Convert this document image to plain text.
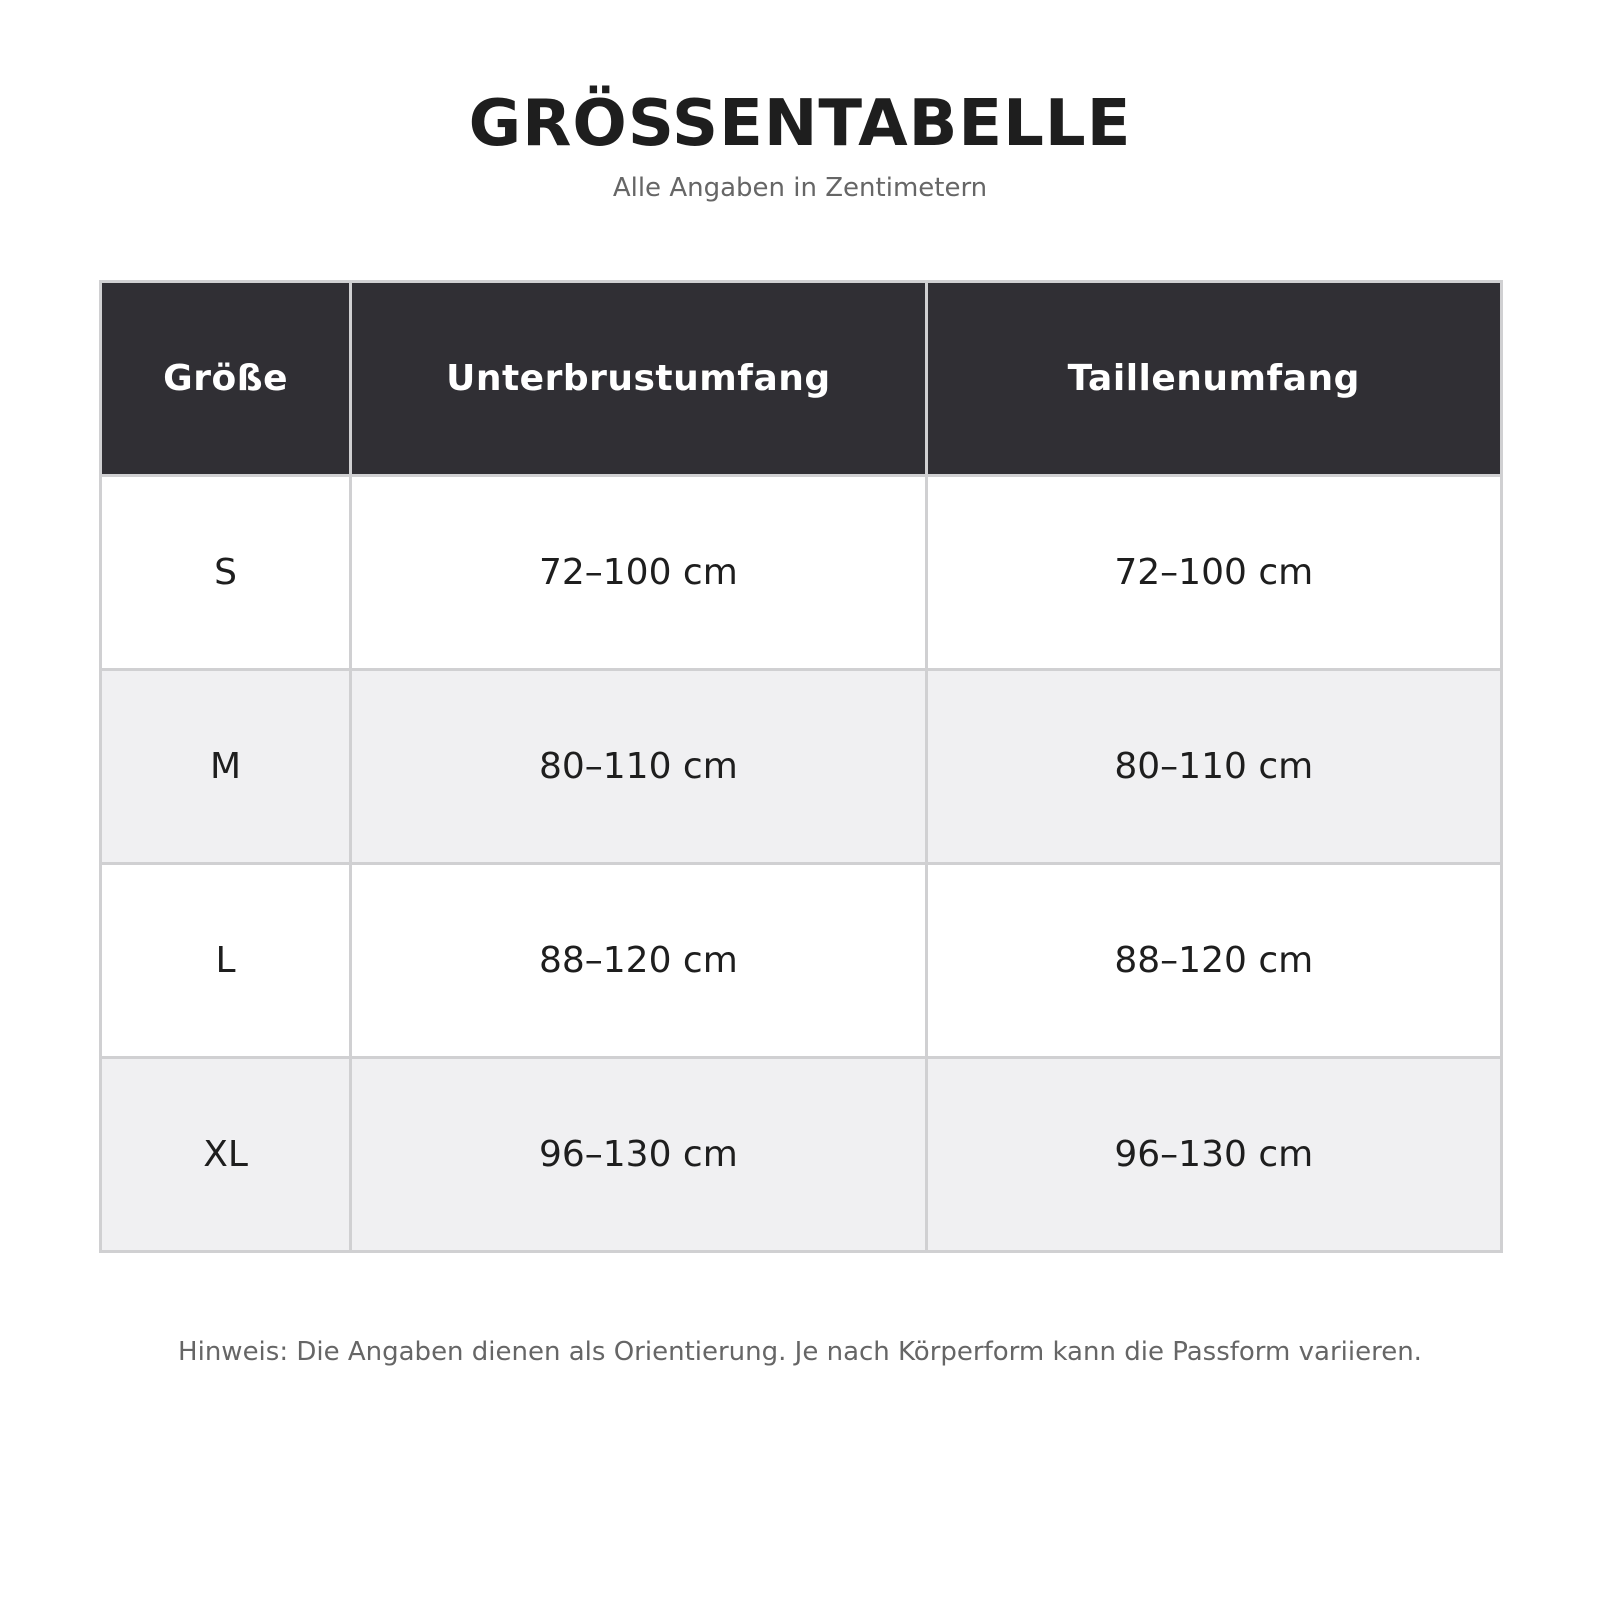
GRÖSSENTABELLE
Alle Angaben in Zentimetern
Größe	Unterbrustumfang	Taillenumfang
S	72–100 cm	72–100 cm
M	80–110 cm	80–110 cm
L	88–120 cm	88–120 cm
XL	96–130 cm	96–130 cm
Hinweis: Die Angaben dienen als Orientierung. Je nach Körperform kann die Passform variieren.
